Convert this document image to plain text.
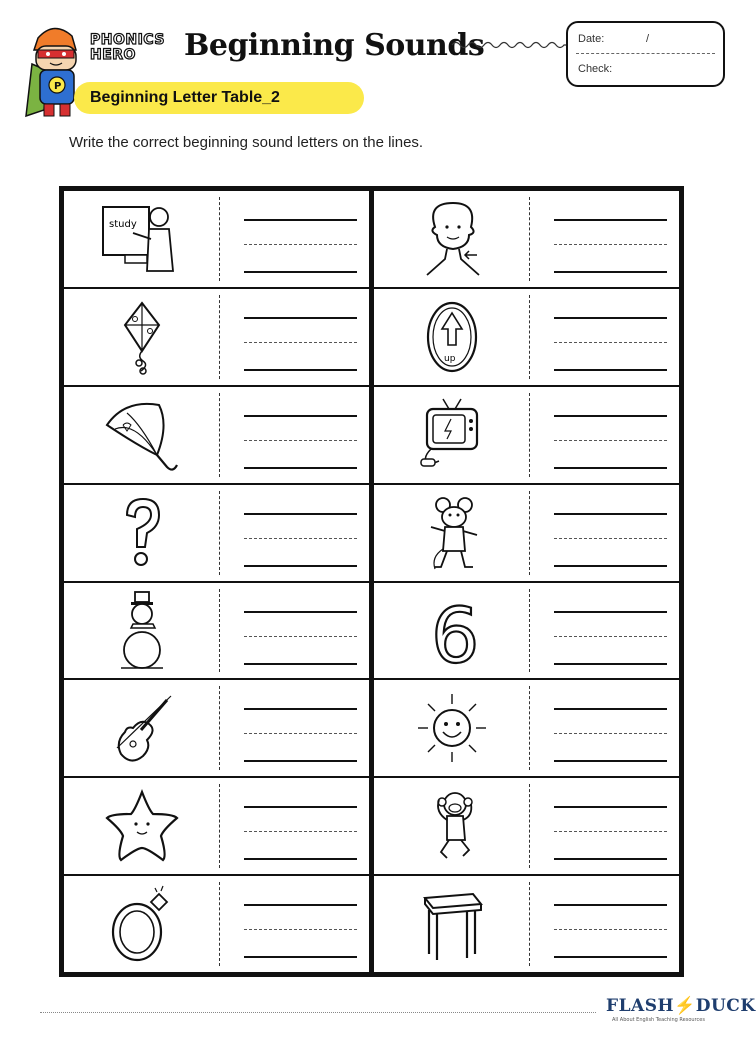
P
PHONICS
HERO	Beginning Sounds
Beginning Letter Table_2
Date:	/
Check:
Write the correct beginning sound letters on the lines.
study
up
6
FLASH⚡DUCK
All About English Teaching Resources
